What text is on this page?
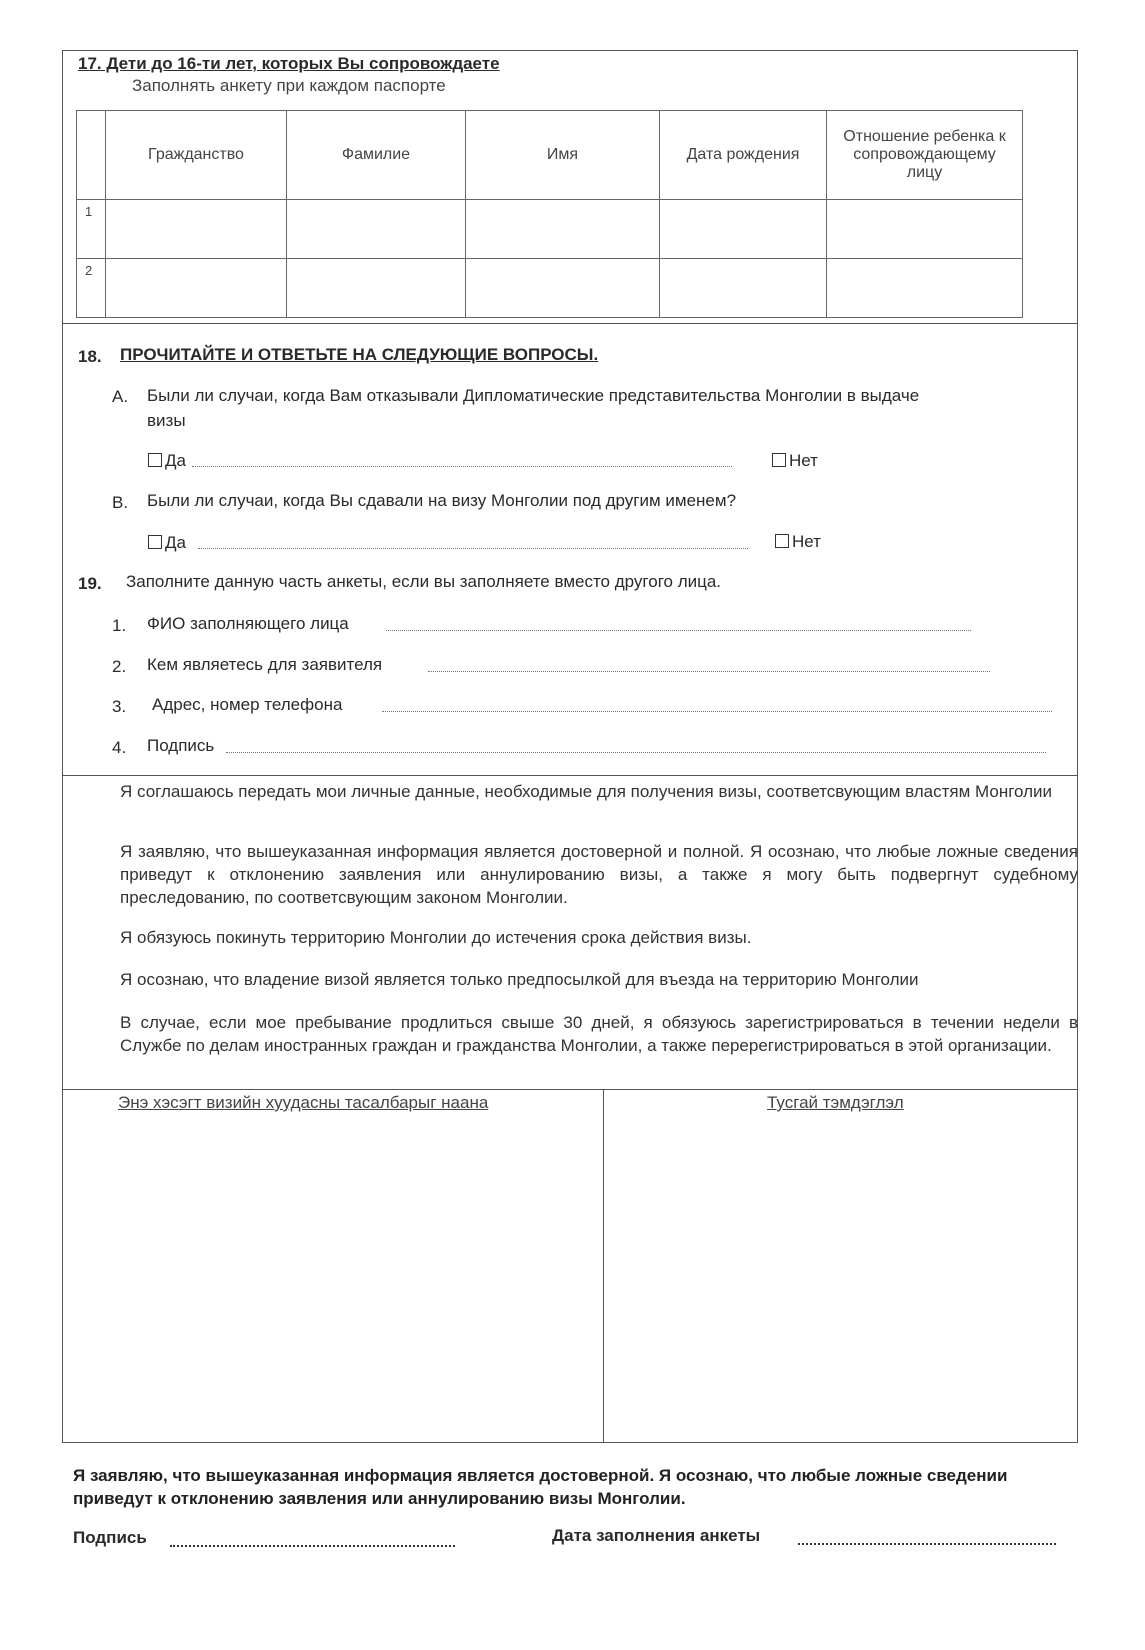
17. Дети до 16-ти лет, которых Вы сопровождаете
Заполнять анкету при каждом паспорте
	Гражданство	Фамилие	Имя	Дата рождения	Отношение ребенка к сопровождающему лицу
1					
2					
18. ПРОЧИТАЙТЕ И ОТВЕТЬТЕ НА СЛЕДУЮЩИЕ ВОПРОСЫ.
A. Были ли случаи, когда Вам отказывали Дипломатические представительства Монголии в выдаче
визы
Да	Нет
B. Были ли случаи, когда Вы сдавали на визу Монголии под другим именем?
Да	Нет
19. Заполните данную часть анкеты, если вы заполняете вместо другого лица.
1. ФИО заполняющего лица
2. Кем являетесь для заявителя
3. Адрес, номер телефона
4. Подпись
Я соглашаюсь передать мои личные данные, необходимые для получения визы, соответсвующим властям Монголии
Я заявляю, что вышеуказанная информация является достоверной и полной. Я осознаю, что любые ложные сведения приведут к отклонению заявления или аннулированию визы, а также я могу быть подвергнут судебному преследованию, по соответсвующим законом Монголии.
Я обязуюсь покинуть территорию Монголии до истечения срока действия визы.
Я осознаю, что владение визой является только предпосылкой для въезда на территорию Монголии
В случае, если мое пребывание продлиться свыше 30 дней, я обязуюсь зарегистрироваться в течении недели в Службе по делам иностранных граждан и гражданства Монголии, а также перерегистрироваться в этой организации.
Энэ хэсэгт визийн хуудасны тасалбарыг наана	Тусгай тэмдэглэл
Я заявляю, что вышеуказанная информация является достоверной. Я осознаю, что любые ложные сведении приведут к отклонению заявления или аннулированию визы Монголии.
Подпись	Дата заполнения анкеты
